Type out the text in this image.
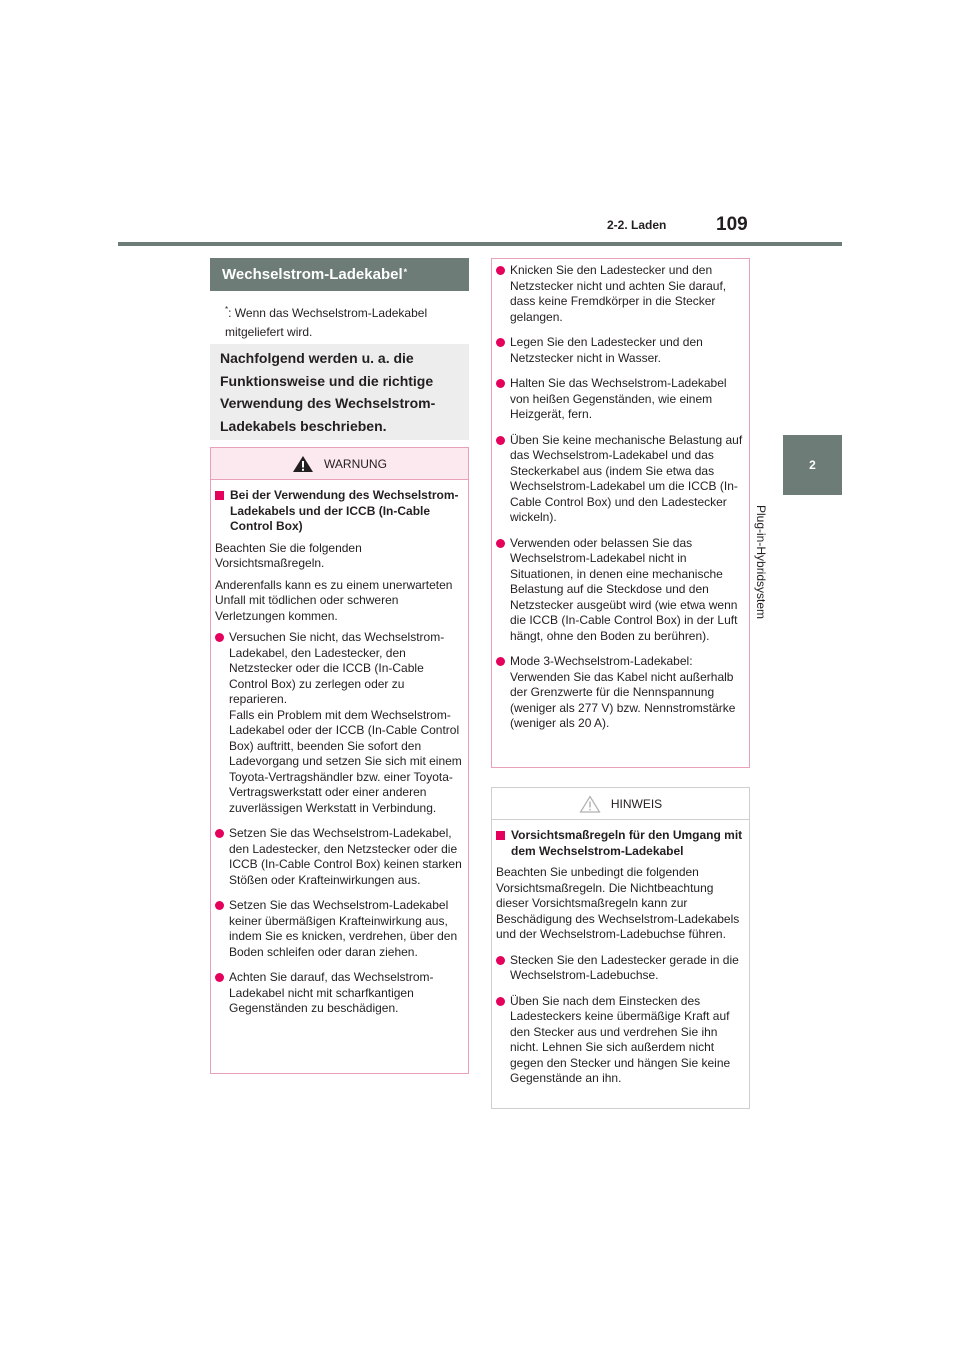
2-2. Laden	109
2
Plug-in-Hybridsystem
Wechselstrom-Ladekabel*
*: Wenn das Wechselstrom-Ladekabel mitgeliefert wird.
Nachfolgend werden u. a. die Funktionsweise und die richtige Verwendung des Wechselstrom-Ladekabels beschrieben.
WARNUNG
Bei der Verwendung des Wechselstrom-Ladekabels und der ICCB (In-Cable Control Box)

Beachten Sie die folgenden Vorsichtsmaßregeln.

Anderenfalls kann es zu einem unerwarteten Unfall mit tödlichen oder schweren Verletzungen kommen.

Versuchen Sie nicht, das Wechselstrom-Ladekabel, den Ladestecker, den Netzstecker oder die ICCB (In-Cable Control Box) zu zerlegen oder zu reparieren.
Falls ein Problem mit dem Wechselstrom-Ladekabel oder der ICCB (In-Cable Control Box) auftritt, beenden Sie sofort den Ladevorgang und setzen Sie sich mit einem Toyota-Vertragshändler bzw. einer Toyota-Vertragswerkstatt oder einer anderen zuverlässigen Werkstatt in Verbindung.
Setzen Sie das Wechselstrom-Ladekabel, den Ladestecker, den Netzstecker oder die ICCB (In-Cable Control Box) keinen starken Stößen oder Krafteinwirkungen aus.
Setzen Sie das Wechselstrom-Ladekabel keiner übermäßigen Krafteinwirkung aus, indem Sie es knicken, verdrehen, über den Boden schleifen oder daran ziehen.
Achten Sie darauf, das Wechselstrom-Ladekabel nicht mit scharfkantigen Gegenständen zu beschädigen.
Knicken Sie den Ladestecker und den Netzstecker nicht und achten Sie darauf, dass keine Fremdkörper in die Stecker gelangen.
Legen Sie den Ladestecker und den Netzstecker nicht in Wasser.
Halten Sie das Wechselstrom-Ladekabel von heißen Gegenständen, wie einem Heizgerät, fern.
Üben Sie keine mechanische Belastung auf das Wechselstrom-Ladekabel und das Steckerkabel aus (indem Sie etwa das Wechselstrom-Ladekabel um die ICCB (In-Cable Control Box) und den Ladestecker wickeln).
Verwenden oder belassen Sie das Wechselstrom-Ladekabel nicht in Situationen, in denen eine mechanische Belastung auf die Steckdose und den Netzstecker ausgeübt wird (wie etwa wenn die ICCB (In-Cable Control Box) in der Luft hängt, ohne den Boden zu berühren).
Mode 3-Wechselstrom-Ladekabel: Verwenden Sie das Kabel nicht außerhalb der Grenzwerte für die Nennspannung (weniger als 277 V) bzw. Nennstromstärke (weniger als 20 A).
HINWEIS
Vorsichtsmaßregeln für den Umgang mit dem Wechselstrom-Ladekabel

Beachten Sie unbedingt die folgenden Vorsichtsmaßregeln. Die Nichtbeachtung dieser Vorsichtsmaßregeln kann zur Beschädigung des Wechselstrom-Ladekabels und der Wechselstrom-Ladebuchse führen.

Stecken Sie den Ladestecker gerade in die Wechselstrom-Ladebuchse.
Üben Sie nach dem Einstecken des Ladesteckers keine übermäßige Kraft auf den Stecker aus und verdrehen Sie ihn nicht. Lehnen Sie sich außerdem nicht gegen den Stecker und hängen Sie keine Gegenstände an ihn.
